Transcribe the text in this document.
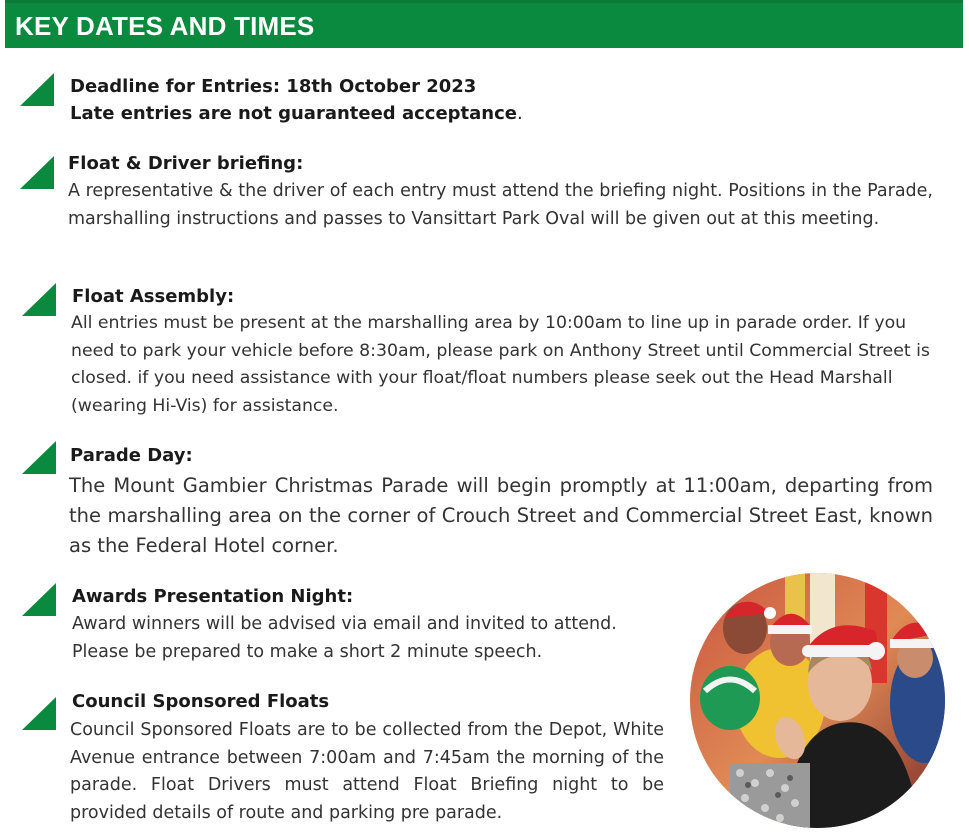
KEY DATES AND TIMES
Deadline for Entries: 18th October 2023
Late entries are not guaranteed acceptance.
Float & Driver briefing:
A representative & the driver of each entry must attend the briefing night. Positions in the Parade, marshalling instructions and passes to Vansittart Park Oval will be given out at this meeting.
Float Assembly:
All entries must be present at the marshalling area by 10:00am to line up in parade order. If you need to park your vehicle before 8:30am, please park on Anthony Street until Commercial Street is closed. if you need assistance with your float/float numbers please seek out the Head Marshall (wearing Hi-Vis) for assistance.
Parade Day:
The Mount Gambier Christmas Parade will begin promptly at 11:00am, departing from the marshalling area on the corner of Crouch Street and Commercial Street East, known as the Federal Hotel corner.
Awards Presentation Night:
Award winners will be advised via email and invited to attend.
Please be prepared to make a short 2 minute speech.
Council Sponsored Floats
Council Sponsored Floats are to be collected from the Depot, White Avenue entrance between 7:00am and 7:45am the morning of the parade. Float Drivers must attend Float Briefing night to be provided details of route and parking pre parade.
